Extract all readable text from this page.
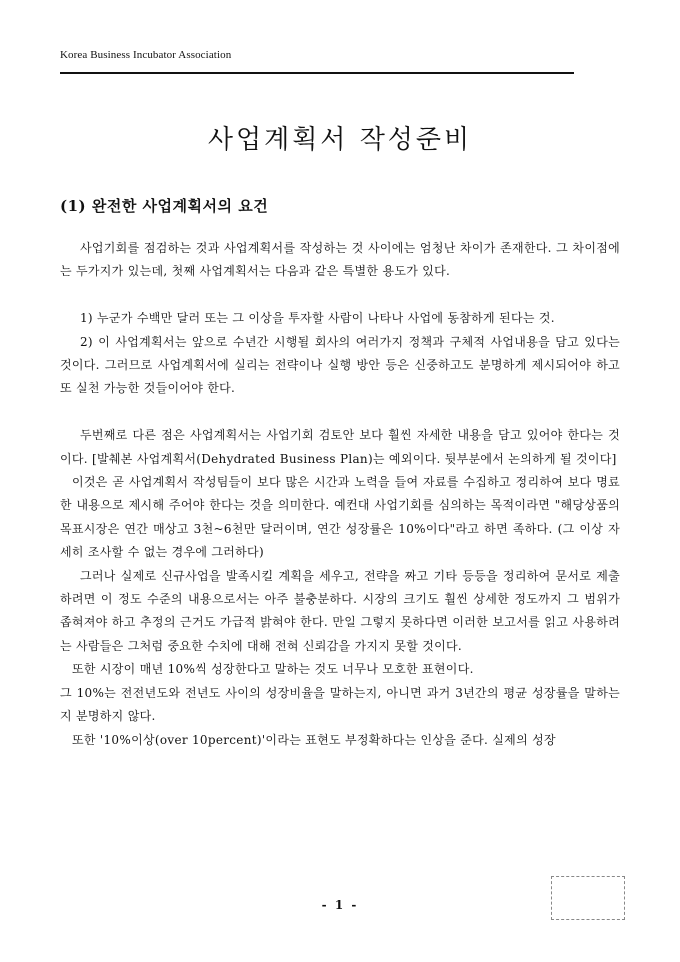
Korea Business Incubator Association
사업계획서 작성준비
(1) 완전한 사업계획서의 요건

사업기회를 점검하는 것과 사업계획서를 작성하는 것 사이에는 엄청난 차이가 존재한다. 그 차이점에는 두가지가 있는데, 첫째 사업계획서는 다음과 같은 특별한 용도가 있다.

1) 누군가 수백만 달러 또는 그 이상을 투자할 사람이 나타나 사업에 동참하게 된다는 것.

2) 이 사업계획서는 앞으로 수년간 시행될 회사의 여러가지 정책과 구체적 사업내용을 담고 있다는 것이다. 그러므로 사업계획서에 실리는 전략이나 실행 방안 등은 신중하고도 분명하게 제시되어야 하고 또 실천 가능한 것들이어야 한다.

두번째로 다른 점은 사업계획서는 사업기회 검토안 보다 훨씬 자세한 내용을 담고 있어야 한다는 것이다. [발췌본 사업계획서(Dehydrated Business Plan)는 예외이다. 뒷부분에서 논의하게 될 것이다]

이것은 곧 사업계획서 작성팀들이 보다 많은 시간과 노력을 들여 자료를 수집하고 정리하여 보다 명료한 내용으로 제시해 주어야 한다는 것을 의미한다. 예컨대 사업기회를 심의하는 목적이라면 "해당상품의 목표시장은 연간 매상고 3천~6천만 달러이며, 연간 성장률은 10%이다"라고 하면 족하다. (그 이상 자세히 조사할 수 없는 경우에 그러하다)

그러나 실제로 신규사업을 발족시킬 계획을 세우고, 전략을 짜고 기타 등등을 정리하여 문서로 제출하려면 이 정도 수준의 내용으로서는 아주 불충분하다. 시장의 크기도 훨씬 상세한 정도까지 그 범위가 좁혀져야 하고 추정의 근거도 가급적 밝혀야 한다. 만일 그렇지 못하다면 이러한 보고서를 읽고 사용하려는 사람들은 그처럼 중요한 수치에 대해 전혀 신뢰감을 가지지 못할 것이다.

또한 시장이 매년 10%씩 성장한다고 말하는 것도 너무나 모호한 표현이다.

그 10%는 전전년도와 전년도 사이의 성장비율을 말하는지, 아니면 과거 3년간의 평균 성장률을 말하는지 분명하지 않다.

또한 '10%이상(over 10percent)'이라는 표현도 부정확하다는 인상을 준다. 실제의 성장

- 1 -
